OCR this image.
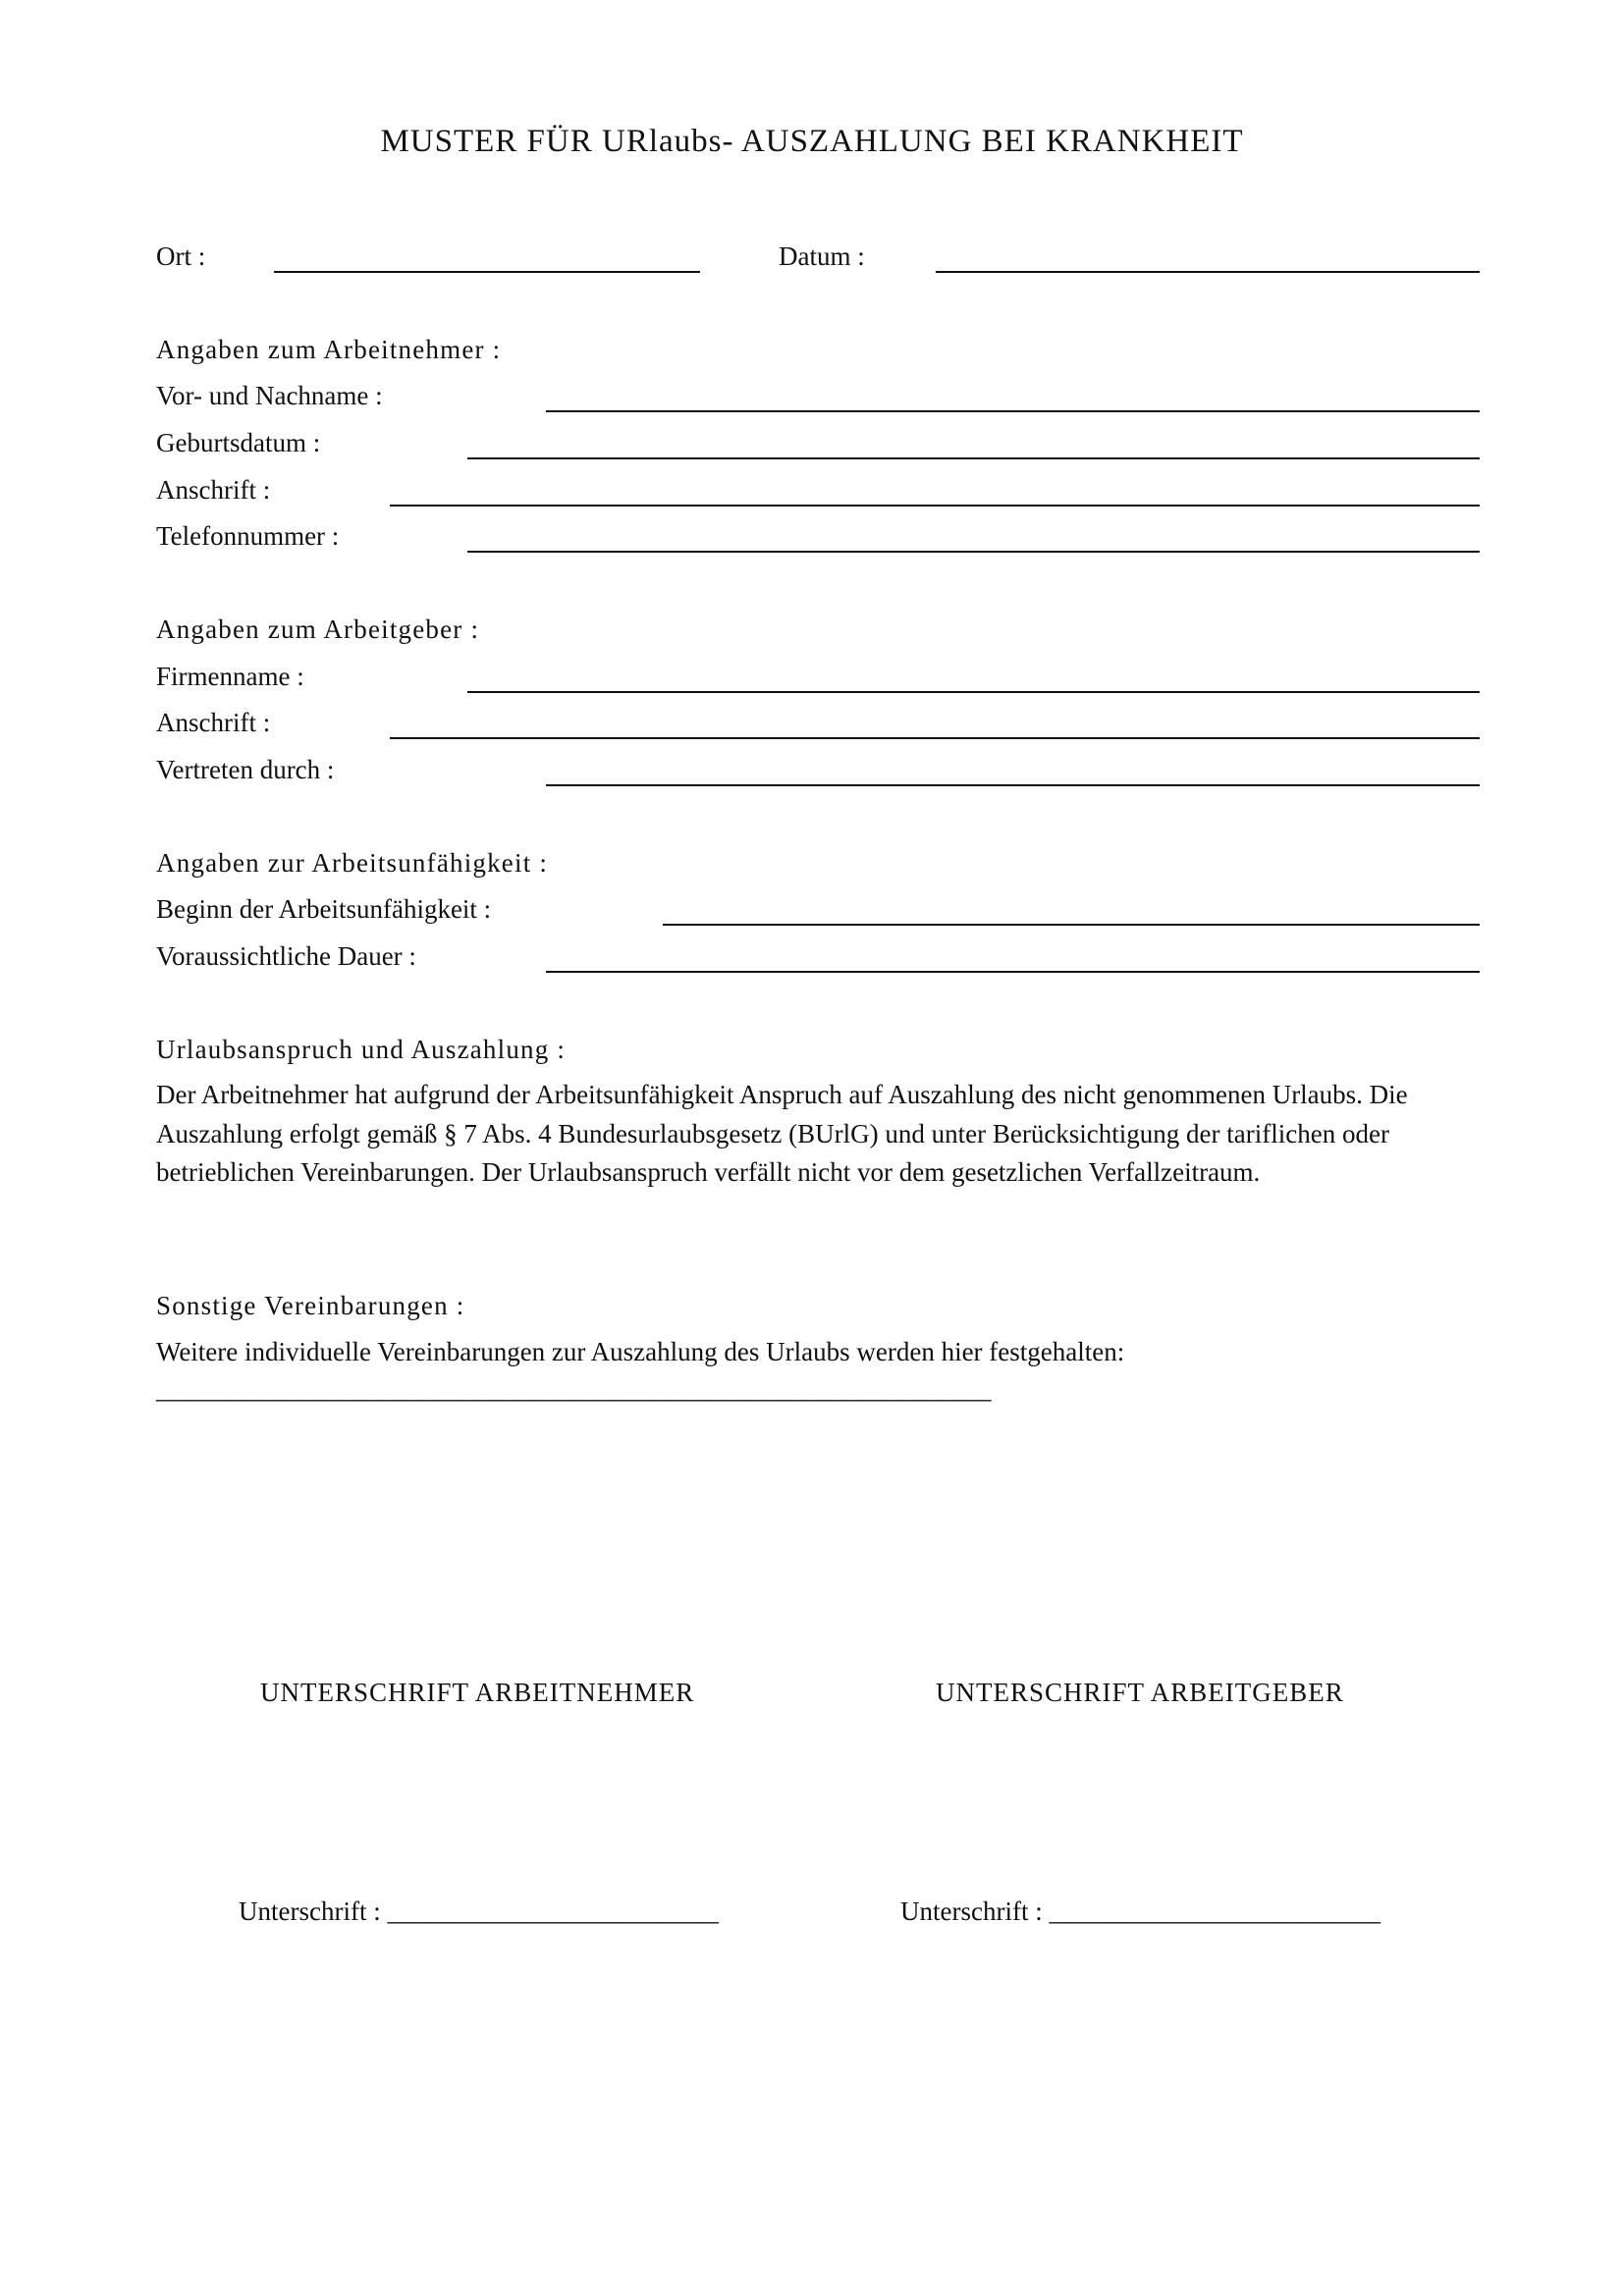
MUSTER FÜR URlaubs- AUSZAHLUNG BEI KRANKHEIT
Ort :	Datum :
Angaben zum Arbeitnehmer :
Vor- und Nachname :
Geburtsdatum :
Anschrift :
Telefonnummer :
Angaben zum Arbeitgeber :
Firmenname :
Anschrift :
Vertreten durch :
Angaben zur Arbeitsunfähigkeit :
Beginn der Arbeitsunfähigkeit :
Voraussichtliche Dauer :
Urlaubsanspruch und Auszahlung :
Der Arbeitnehmer hat aufgrund der Arbeitsunfähigkeit Anspruch auf Auszahlung des nicht genommenen Urlaubs. Die Auszahlung erfolgt gemäß § 7 Abs. 4 Bundesurlaubsgesetz (BUrlG) und unter Berücksichtigung der tariflichen oder betrieblichen Vereinbarungen. Der Urlaubsanspruch verfällt nicht vor dem gesetzlichen Verfallzeitraum.
Sonstige Vereinbarungen :
Weitere individuelle Vereinbarungen zur Auszahlung des Urlaubs werden hier festgehalten:
_______________________________________________________________
UNTERSCHRIFT ARBEITNEHMER	UNTERSCHRIFT ARBEITGEBER
Unterschrift : _________________________	Unterschrift : _________________________
